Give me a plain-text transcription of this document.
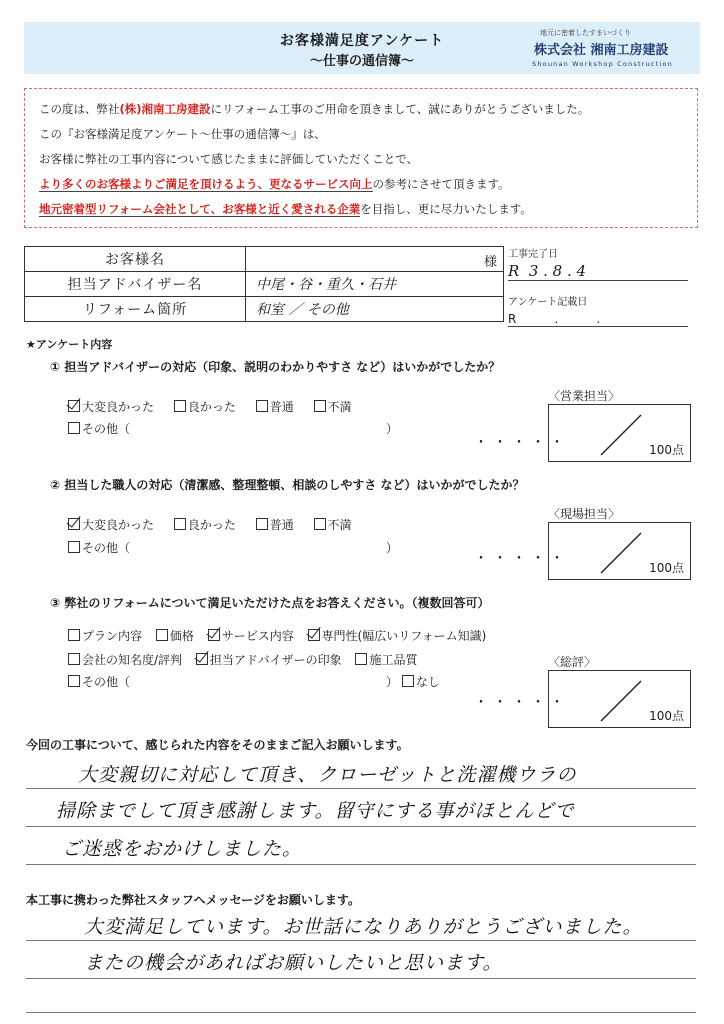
お客様満足度アンケート
〜仕事の通信簿〜
地元に密着したすまいづくり
株式会社 湘南工房建設
Shounan Workshop Construction
この度は、弊社(株)湘南工房建設にリフォーム工事のご用命を頂きまして、誠にありがとうございました。
この『お客様満足度アンケート〜仕事の通信簿〜』は、
お客様に弊社の工事内容について感じたままに評価していただくことで、
より多くのお客様よりご満足を頂けるよう、更なるサービス向上の参考にさせて頂きます。
地元密着型リフォーム会社として、お客様と近く愛される企業を目指し、更に尽力いたします。
お客様名	様

担当アドバイザー名	中尾・谷・重久・石井
リフォーム箇所	和室 ／ その他
工事完了日
R  3 . 8 . 4
アンケート記載日
R          .          .
★アンケート内容
① 担当アドバイザーの対応（印象、説明のわかりやすさ など）はいかがでしたか？
大変良かった	良かった	普通	不満
その他（	）
・・・・・
〈営業担当〉
100点
② 担当した職人の対応（清潔感、整理整頓、相談のしやすさ など）はいかがでしたか？
大変良かった	良かった	普通	不満
その他（	）
・・・・・
〈現場担当〉
100点
③ 弊社のリフォームについて満足いただけた点をお答えください。（複数回答可）
プラン内容 価格 サービス内容 専門性(幅広いリフォーム知識)
会社の知名度/評判 担当アドバイザーの印象 施工品質
その他（	） なし
・・・・・
〈総評〉
100点
今回の工事について、感じられた内容をそのままご記入お願いします。
大変親切に対応して頂き、クローゼットと洗濯機ウラの
掃除までして頂き感謝します。留守にする事がほとんどで
ご迷惑をおかけしました。
本工事に携わった弊社スタッフへメッセージをお願いします。
大変満足しています。お世話になりありがとうございました。
またの機会があればお願いしたいと思います。
